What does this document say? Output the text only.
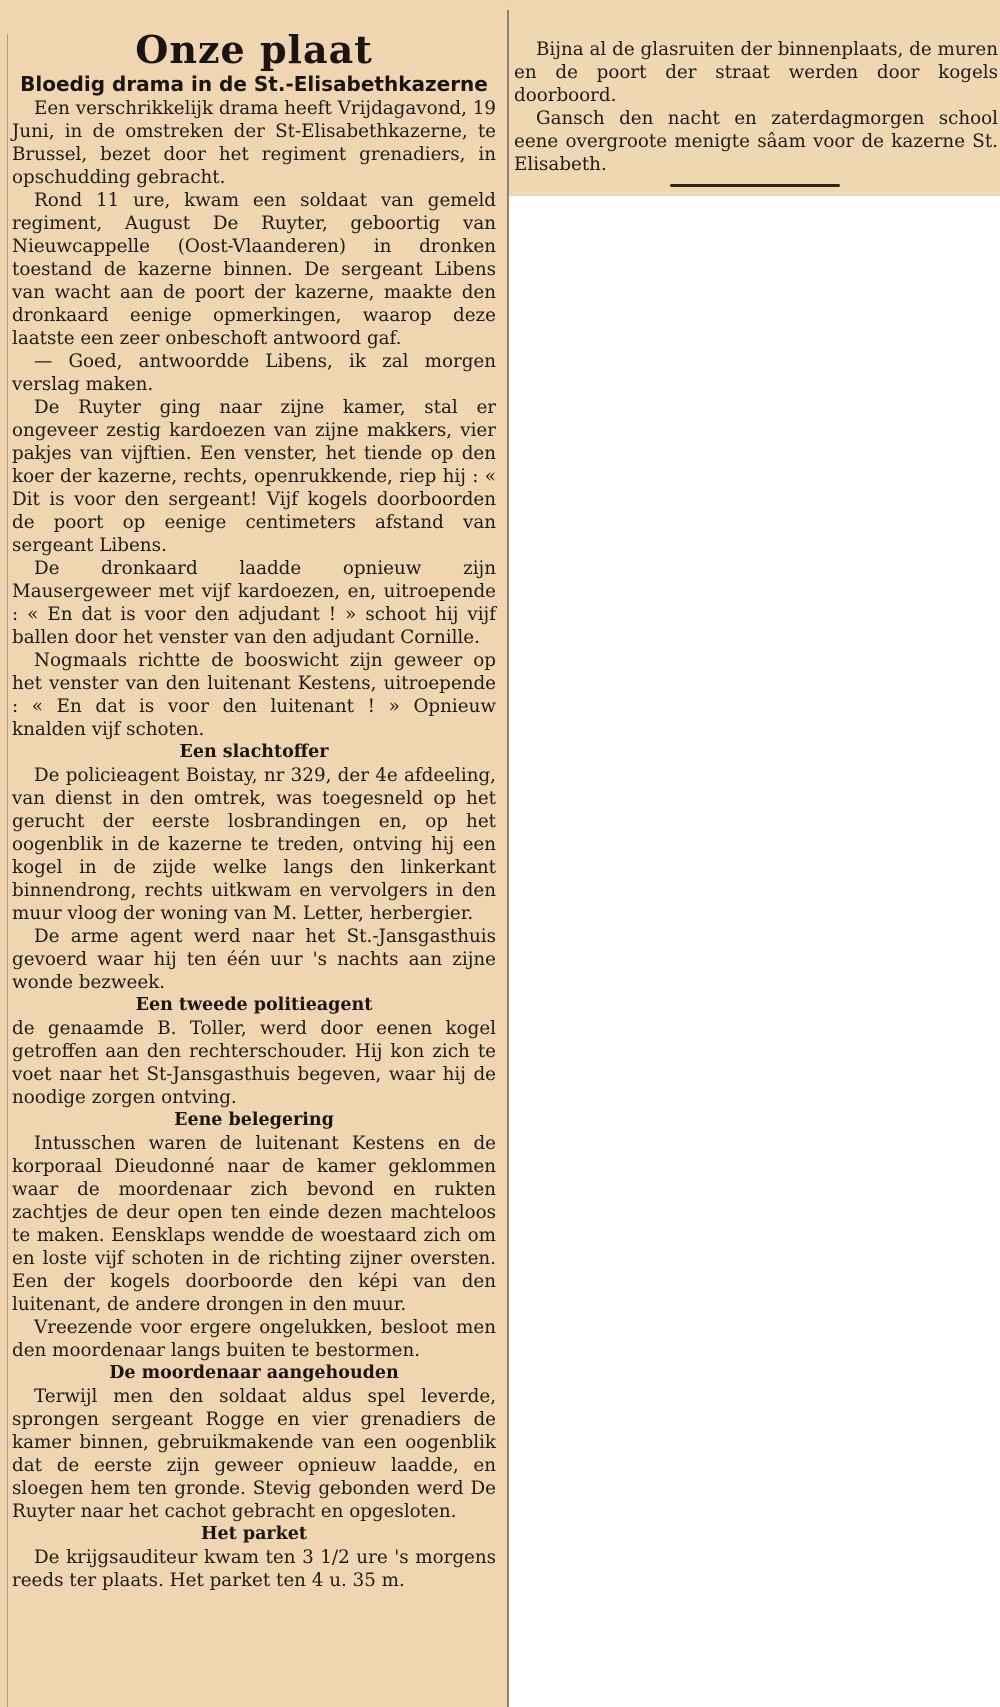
Onze plaat
Bloedig drama in de St.-Elisabethkazerne

Een verschrikkelijk drama heeft Vrijdagavond, 19 Juni, in de omstreken der St-Elisabethkazerne, te Brussel, bezet door het regiment grenadiers, in opschudding gebracht.

Rond 11 ure, kwam een soldaat van gemeld regiment, August De Ruyter, geboortig van Nieuwcappelle (Oost-Vlaanderen) in dronken toestand de kazerne binnen. De sergeant Libens van wacht aan de poort der kazerne, maakte den dronkaard eenige opmerkingen, waarop deze laatste een zeer onbeschoft antwoord gaf.

— Goed, antwoordde Libens, ik zal morgen verslag maken.

De Ruyter ging naar zijne kamer, stal er ongeveer zestig kardoezen van zijne makkers, vier pakjes van vijftien. Een venster, het tiende op den koer der kazerne, rechts, openrukkende, riep hij : « Dit is voor den sergeant! Vijf kogels doorboorden de poort op eenige centimeters afstand van sergeant Libens.

De dronkaard laadde opnieuw zijn Mausergeweer met vijf kardoezen, en, uitroepende : « En dat is voor den adjudant ! » schoot hij vijf ballen door het venster van den adjudant Cornille.

Nogmaals richtte de booswicht zijn geweer op het venster van den luitenant Kestens, uitroepende : « En dat is voor den luitenant ! » Opnieuw knalden vijf schoten.

Een slachtoffer

De policieagent Boistay, nr 329, der 4e afdeeling, van dienst in den omtrek, was toegesneld op het gerucht der eerste losbrandingen en, op het oogenblik in de kazerne te treden, ontving hij een kogel in de zijde welke langs den linkerkant binnendrong, rechts uitkwam en vervolgers in den muur vloog der woning van M. Letter, herbergier.

De arme agent werd naar het St.-Jansgasthuis gevoerd waar hij ten één uur 's nachts aan zijne wonde bezweek.

Een tweede politieagent

de genaamde B. Toller, werd door eenen kogel getroffen aan den rechterschouder. Hij kon zich te voet naar het St-Jansgasthuis begeven, waar hij de noodige zorgen ontving.

Eene belegering

Intusschen waren de luitenant Kestens en de korporaal Dieudonné naar de kamer geklommen waar de moordenaar zich bevond en rukten zachtjes de deur open ten einde dezen machteloos te maken. Eensklaps wendde de woestaard zich om en loste vijf schoten in de richting zijner oversten. Een der kogels doorboorde den képi van den luitenant, de andere drongen in den muur.

Vreezende voor ergere ongelukken, besloot men den moordenaar langs buiten te bestormen.

De moordenaar aangehouden

Terwijl men den soldaat aldus spel leverde, sprongen sergeant Rogge en vier grenadiers de kamer binnen, gebruikmakende van een oogenblik dat de eerste zijn geweer opnieuw laadde, en sloegen hem ten gronde. Stevig gebonden werd De Ruyter naar het cachot gebracht en opgesloten.

Het parket

De krijgsauditeur kwam ten 3 1/2 ure 's morgens reeds ter plaats. Het parket ten 4 u. 35 m.

Bijna al de glasruiten der binnenplaats, de muren en de poort der straat werden door kogels doorboord.

Gansch den nacht en zaterdagmorgen school eene overgroote menigte sâam voor de kazerne St. Elisabeth.
